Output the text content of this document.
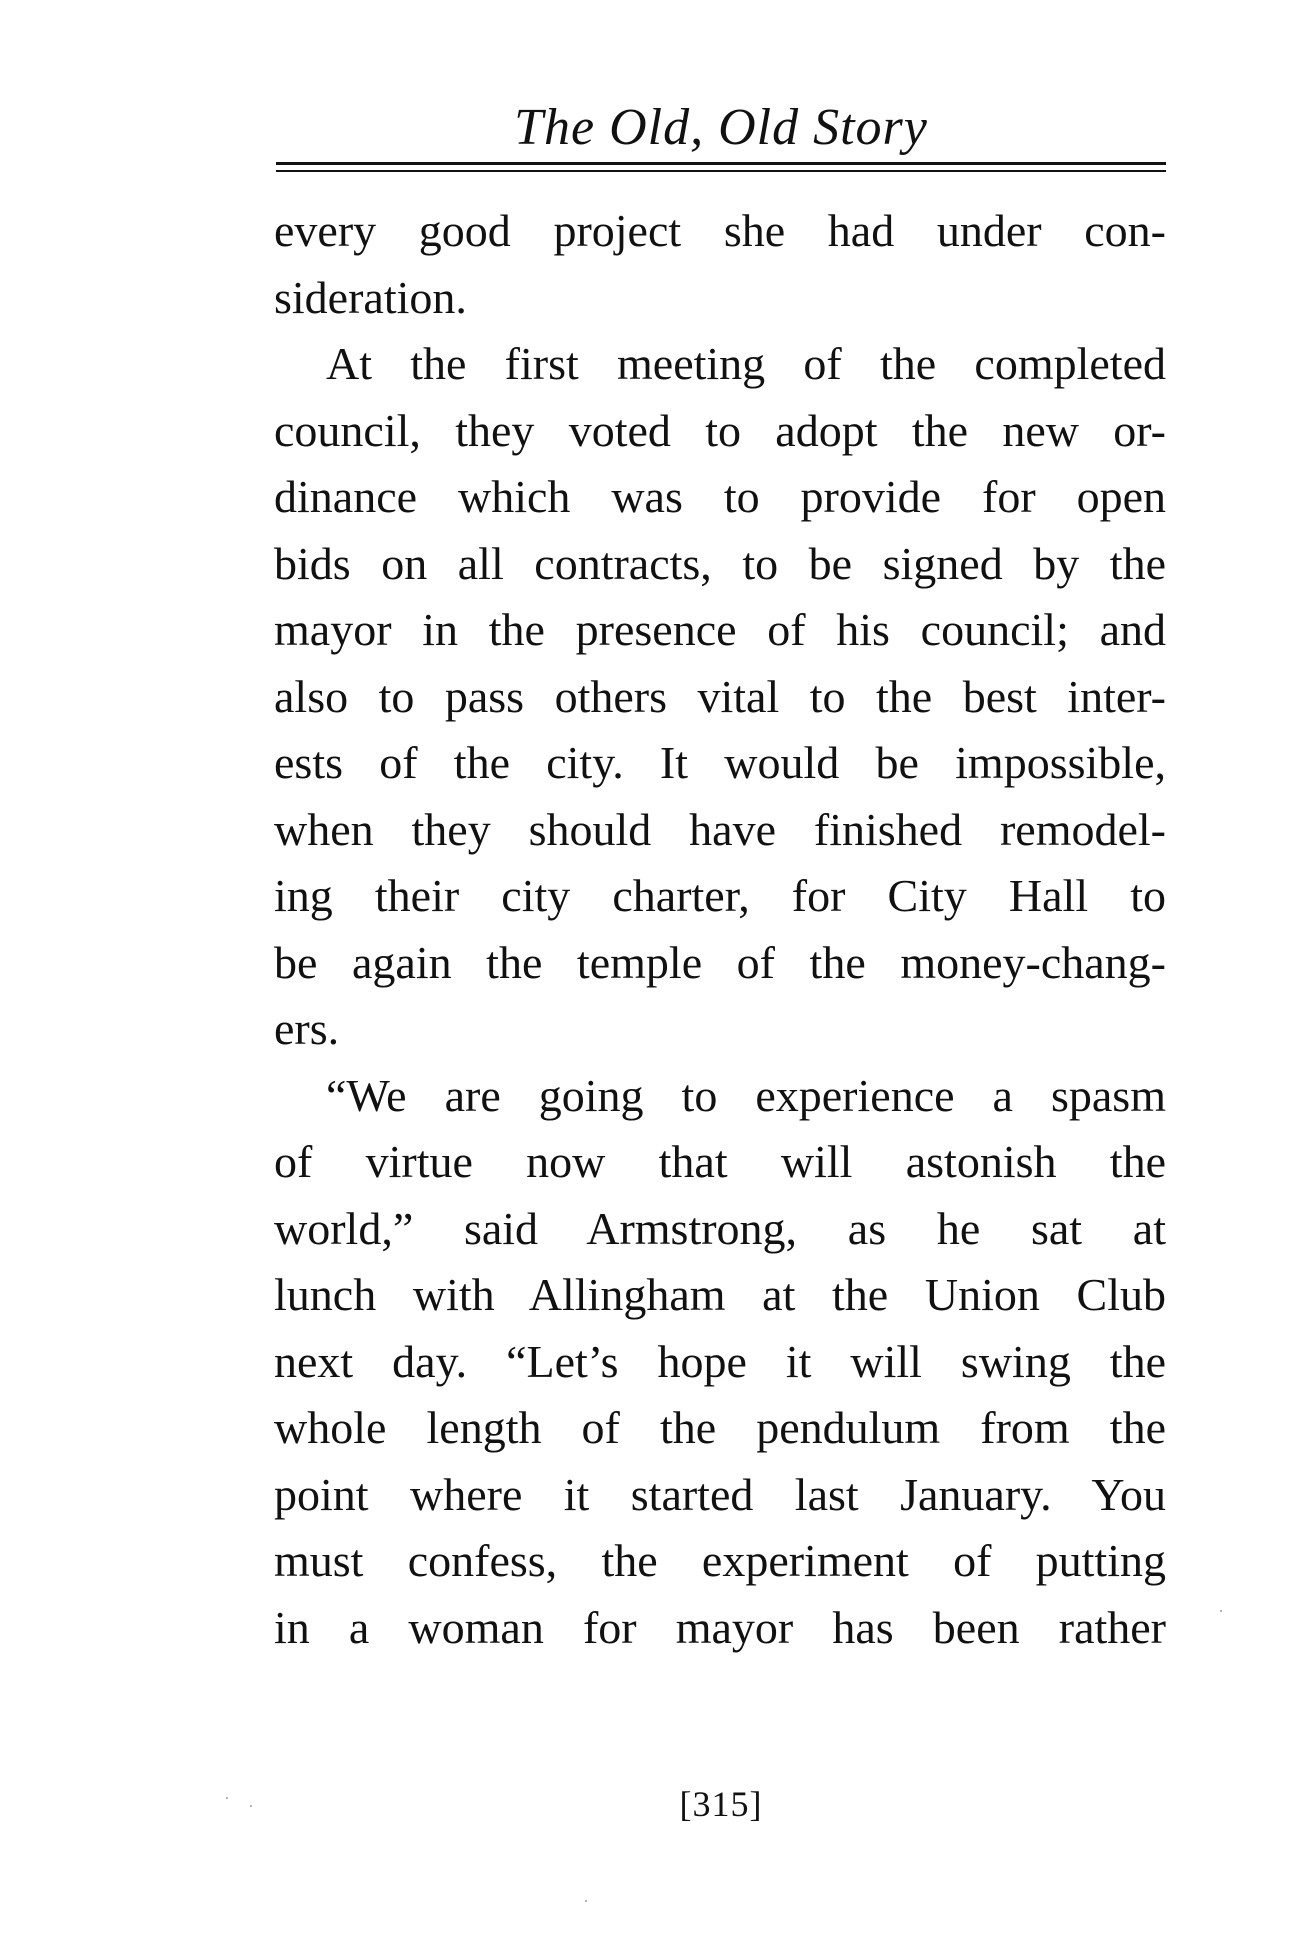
The Old, Old Story
every good project she had under con-
sideration.
At the first meeting of the completed
council, they voted to adopt the new or-
dinance which was to provide for open
bids on all contracts, to be signed by the
mayor in the presence of his council; and
also to pass others vital to the best inter-
ests of the city. It would be impossible,
when they should have finished remodel-
ing their city charter, for City Hall to
be again the temple of the money-chang-
ers.
“We are going to experience a spasm
of virtue now that will astonish the
world,” said Armstrong, as he sat at
lunch with Allingham at the Union Club
next day. “Let’s hope it will swing the
whole length of the pendulum from the
point where it started last January. You
must confess, the experiment of putting
in a woman for mayor has been rather
[315]
